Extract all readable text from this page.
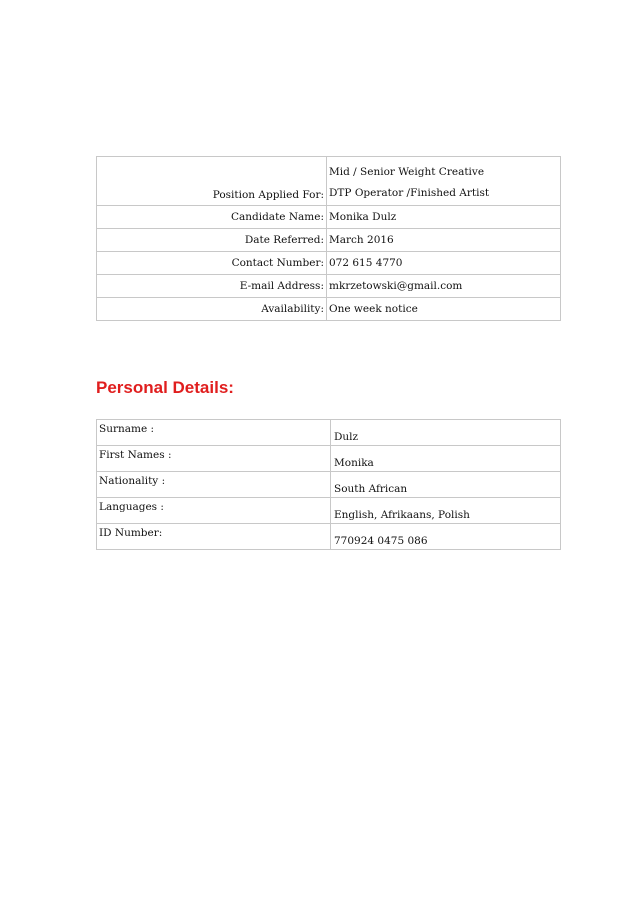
Position Applied For:	Mid / Senior Weight Creative
DTP Operator /Finished Artist
Candidate Name:	Monika Dulz
Date Referred:	March 2016
Contact Number:	072 615 4770
E-mail Address:	mkrzetowski@gmail.com
Availability:	One week notice
Personal Details:
Surname :	Dulz
First Names :	Monika
Nationality :	South African
Languages :	English, Afrikaans, Polish
ID Number:	770924 0475 086
